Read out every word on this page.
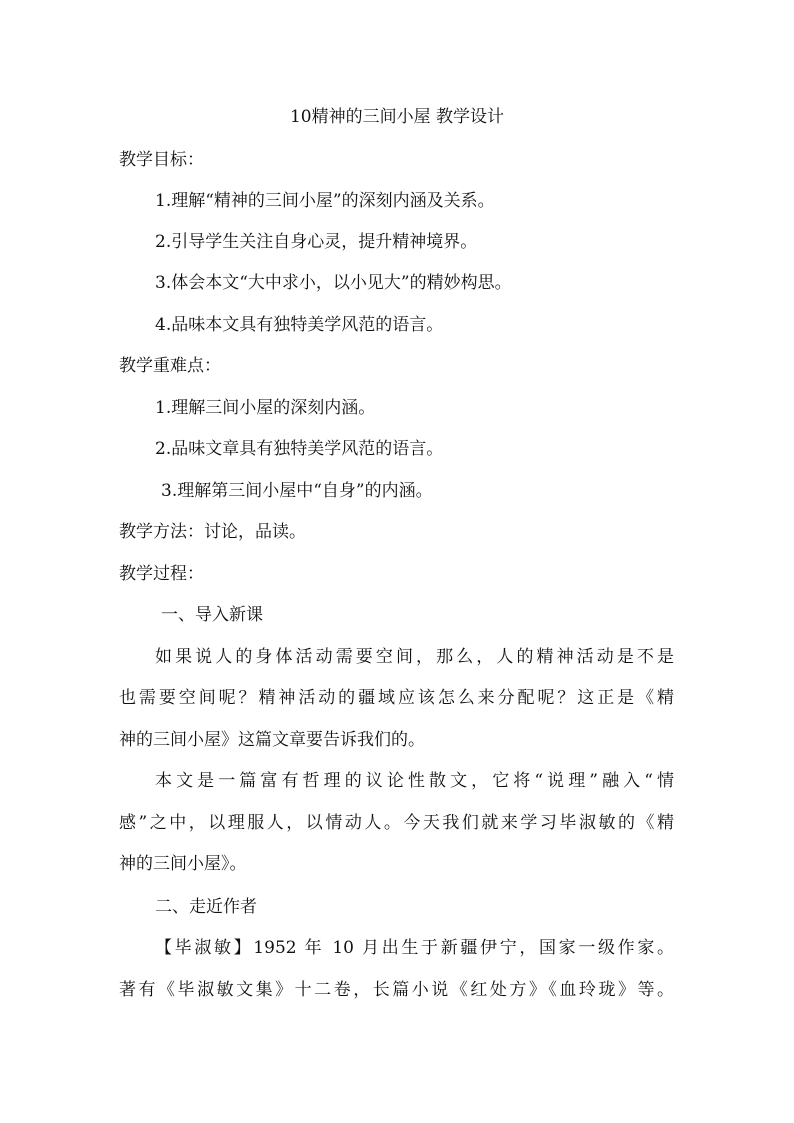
10精神的三间小屋 教学设计
教学目标：
1.理解“精神的三间小屋”的深刻内涵及关系。
2.引导学生关注自身心灵，提升精神境界。
3.体会本文“大中求小，以小见大”的精妙构思。
4.品味本文具有独特美学风范的语言。
教学重难点：
1.理解三间小屋的深刻内涵。
2.品味文章具有独特美学风范的语言。
3.理解第三间小屋中“自身”的内涵。
教学方法：讨论，品读。
教学过程：
一、导入新课
如果说人的身体活动需要空间，那么，人的精神活动是不是
也需要空间呢？精神活动的疆域应该怎么来分配呢？这正是《精
神的三间小屋》这篇文章要告诉我们的。
本文是一篇富有哲理的议论性散文，它将“说理”融入“情
感”之中，以理服人，以情动人。今天我们就来学习毕淑敏的《精
神的三间小屋》。
二、走近作者
【毕淑敏】1952 年 10 月出生于新疆伊宁，国家一级作家。
著有《毕淑敏文集》十二卷，长篇小说《红处方》《血玲珑》等。
